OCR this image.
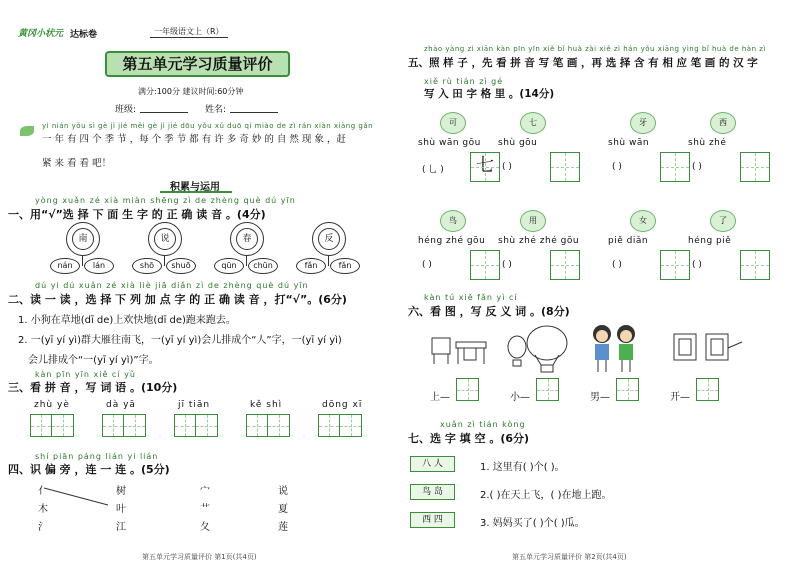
黄冈小状元 达标卷	一年级语文上（R）
第五单元学习质量评价
满分:100分 建议时间:60分钟
班级:	姓名:
yì nián yǒu sì gè jì jié měi gè jì jié dōu yǒu xǔ duō qí miào de zì rán xiàn xiàng gǎn
一 年 有 四 个 季 节 ，每 个 季 节 都 有 许 多 奇 妙 的 自 然 现 象 ，赶
紧 来 看 看 吧！
积累与运用
yòng xuǎn zé xià miàn shēng zì de zhèng què dú yīn
一、用“√”选 择 下 面 生 字 的 正 确 读 音 。(4分)
南
nán	lán
说
shō	shuō
春
qūn	chūn
反
fǎn	fǎn
dú yi dú xuǎn zé xià liè jiā diǎn zì de zhèng què dú yīn
二、读 一 读 ，选 择 下 列 加 点 字 的 正 确 读 音 ，打“√”。(6分)
1. 小狗在草地(dī de)上欢快地(dī de)跑来跑去。
2. 一(yī yí yì)群大雁往南飞，一(yī yí yì)会儿排成个“人”字，一(yī yí yì)
会儿排成个“一(yī yí yì)”字。
kàn pīn yīn xiě cí yǔ
三、看 拼 音 ，写 词 语 。(10分)
zhù yè	dà yā	jī tiān	kě shì	dōng xī
shí piān páng lián yi lián
四、识 偏 旁 ，连 一 连 。(5分)
亻	树	宀	说
木	叶	艹	夏
氵	江	夂	莲
第五单元学习质量评价 第1页(共4页)
zhào yàng zi xiān kàn pīn yīn xiě bǐ huà zài xiě zì hán yǒu xiāng yìng bǐ huà de hàn zì
五、照 样 子 ，先 看 拼 音 写 笔 画 ，再 选 择 含 有 相 应 笔 画 的 汉 字
xiě rù tián zì gé
写 入 田 字 格 里 。(14分)
可
shù wān gōu
( 乚 ) 七
七
shù gōu
( )
牙
shù wān
( )
西
shù zhé
( )
鸟
héng zhé gōu
( )
用
shù zhé zhé gōu
( )
女
piě diǎn
( )
了
héng piě
( )
kàn tú xiě fǎn yì cí
六、看 图 ，写 反 义 词 。(8分)
上—	小—	男—	开—
xuǎn zì tián kòng
七、选 字 填 空 。(6分)
八 人	1. 这里有( )个( )。
鸟 岛	2.( )在天上飞，( )在地上跑。
西 四	3. 妈妈买了( )个( )瓜。
第五单元学习质量评价 第2页(共4页)
